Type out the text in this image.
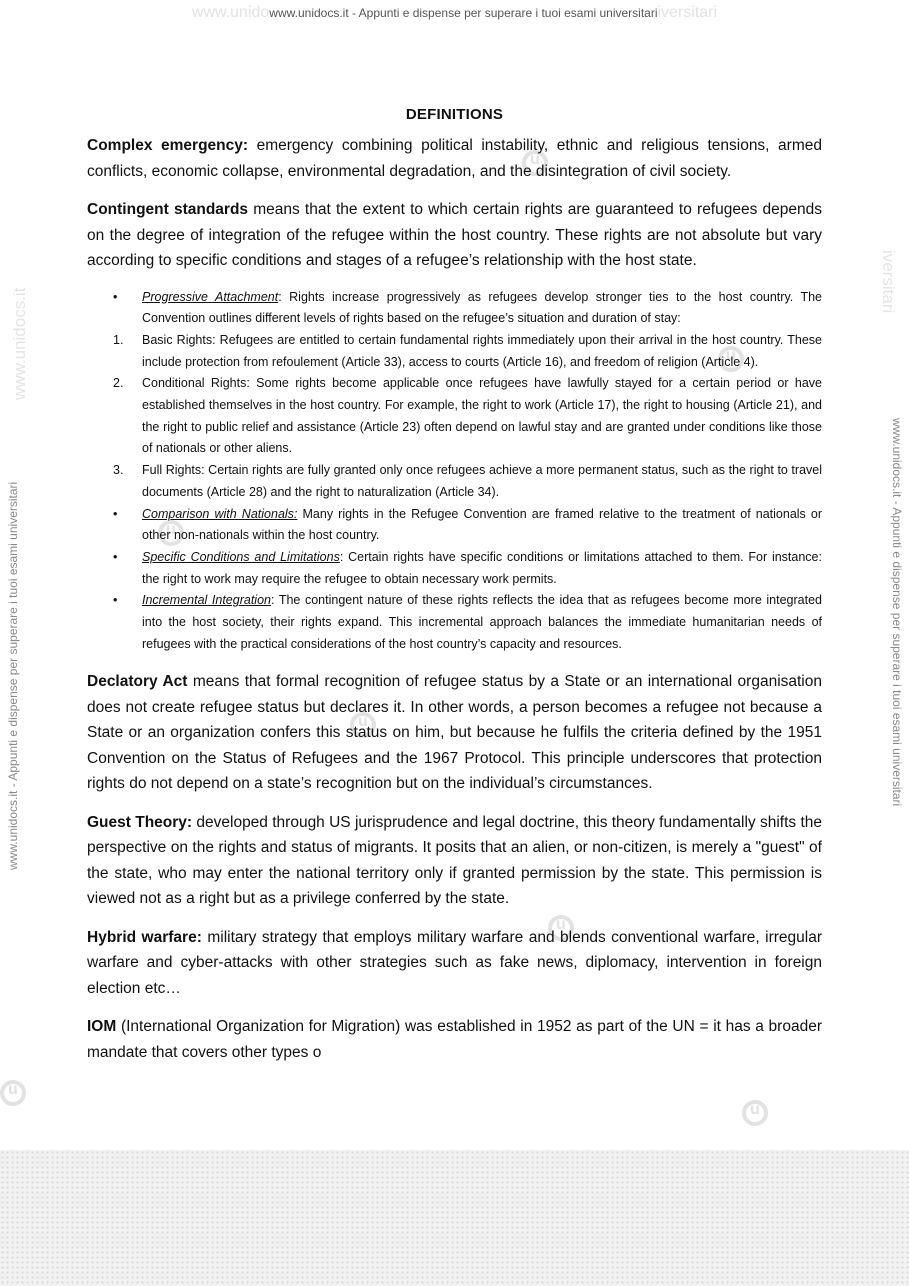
www.unidowww.unidocs.it - Appunti e dispense per superare i tuoi esami universitariiversitari
www.unidocs.it
iversitari
www.unidocs.it - Appunti e dispense per superare i tuoi esami universitari	www.unidocs.it - Appunti e dispense per superare i tuoi esami universitari
u
u
u
u
u
u
u
DEFINITIONS

Complex emergency: emergency combining political instability, ethnic and religious tensions, armed conflicts, economic collapse, environmental degradation, and the disintegration of civil society.

Contingent standards means that the extent to which certain rights are guaranteed to refugees depends on the degree of integration of the refugee within the host country. These rights are not absolute but vary according to specific conditions and stages of a refugee’s relationship with the host state.

• Progressive Attachment: Rights increase progressively as refugees develop stronger ties to the host country. The Convention outlines different levels of rights based on the refugee’s situation and duration of stay:
1. Basic Rights: Refugees are entitled to certain fundamental rights immediately upon their arrival in the host country. These include protection from refoulement (Article 33), access to courts (Article 16), and freedom of religion (Article 4).
2. Conditional Rights: Some rights become applicable once refugees have lawfully stayed for a certain period or have established themselves in the host country. For example, the right to work (Article 17), the right to housing (Article 21), and the right to public relief and assistance (Article 23) often depend on lawful stay and are granted under conditions like those of nationals or other aliens.
3. Full Rights: Certain rights are fully granted only once refugees achieve a more permanent status, such as the right to travel documents (Article 28) and the right to naturalization (Article 34).
• Comparison with Nationals: Many rights in the Refugee Convention are framed relative to the treatment of nationals or other non-nationals within the host country.
• Specific Conditions and Limitations: Certain rights have specific conditions or limitations attached to them. For instance: the right to work may require the refugee to obtain necessary work permits.
• Incremental Integration: The contingent nature of these rights reflects the idea that as refugees become more integrated into the host society, their rights expand. This incremental approach balances the immediate humanitarian needs of refugees with the practical considerations of the host country’s capacity and resources.

Declatory Act means that formal recognition of refugee status by a State or an international organisation does not create refugee status but declares it. In other words, a person becomes a refugee not because a State or an organization confers this status on him, but because he fulfils the criteria defined by the 1951 Convention on the Status of Refugees and the 1967 Protocol. This principle underscores that protection rights do not depend on a state’s recognition but on the individual’s circumstances.

Guest Theory: developed through US jurisprudence and legal doctrine, this theory fundamentally shifts the perspective on the rights and status of migrants. It posits that an alien, or non-citizen, is merely a "guest" of the state, who may enter the national territory only if granted permission by the state. This permission is viewed not as a right but as a privilege conferred by the state.

Hybrid warfare: military strategy that employs military warfare and blends conventional warfare, irregular warfare and cyber-attacks with other strategies such as fake news, diplomacy, intervention in foreign election etc…

IOM (International Organization for Migration) was established in 1952 as part of the UN = it has a broader mandate that covers other types o
